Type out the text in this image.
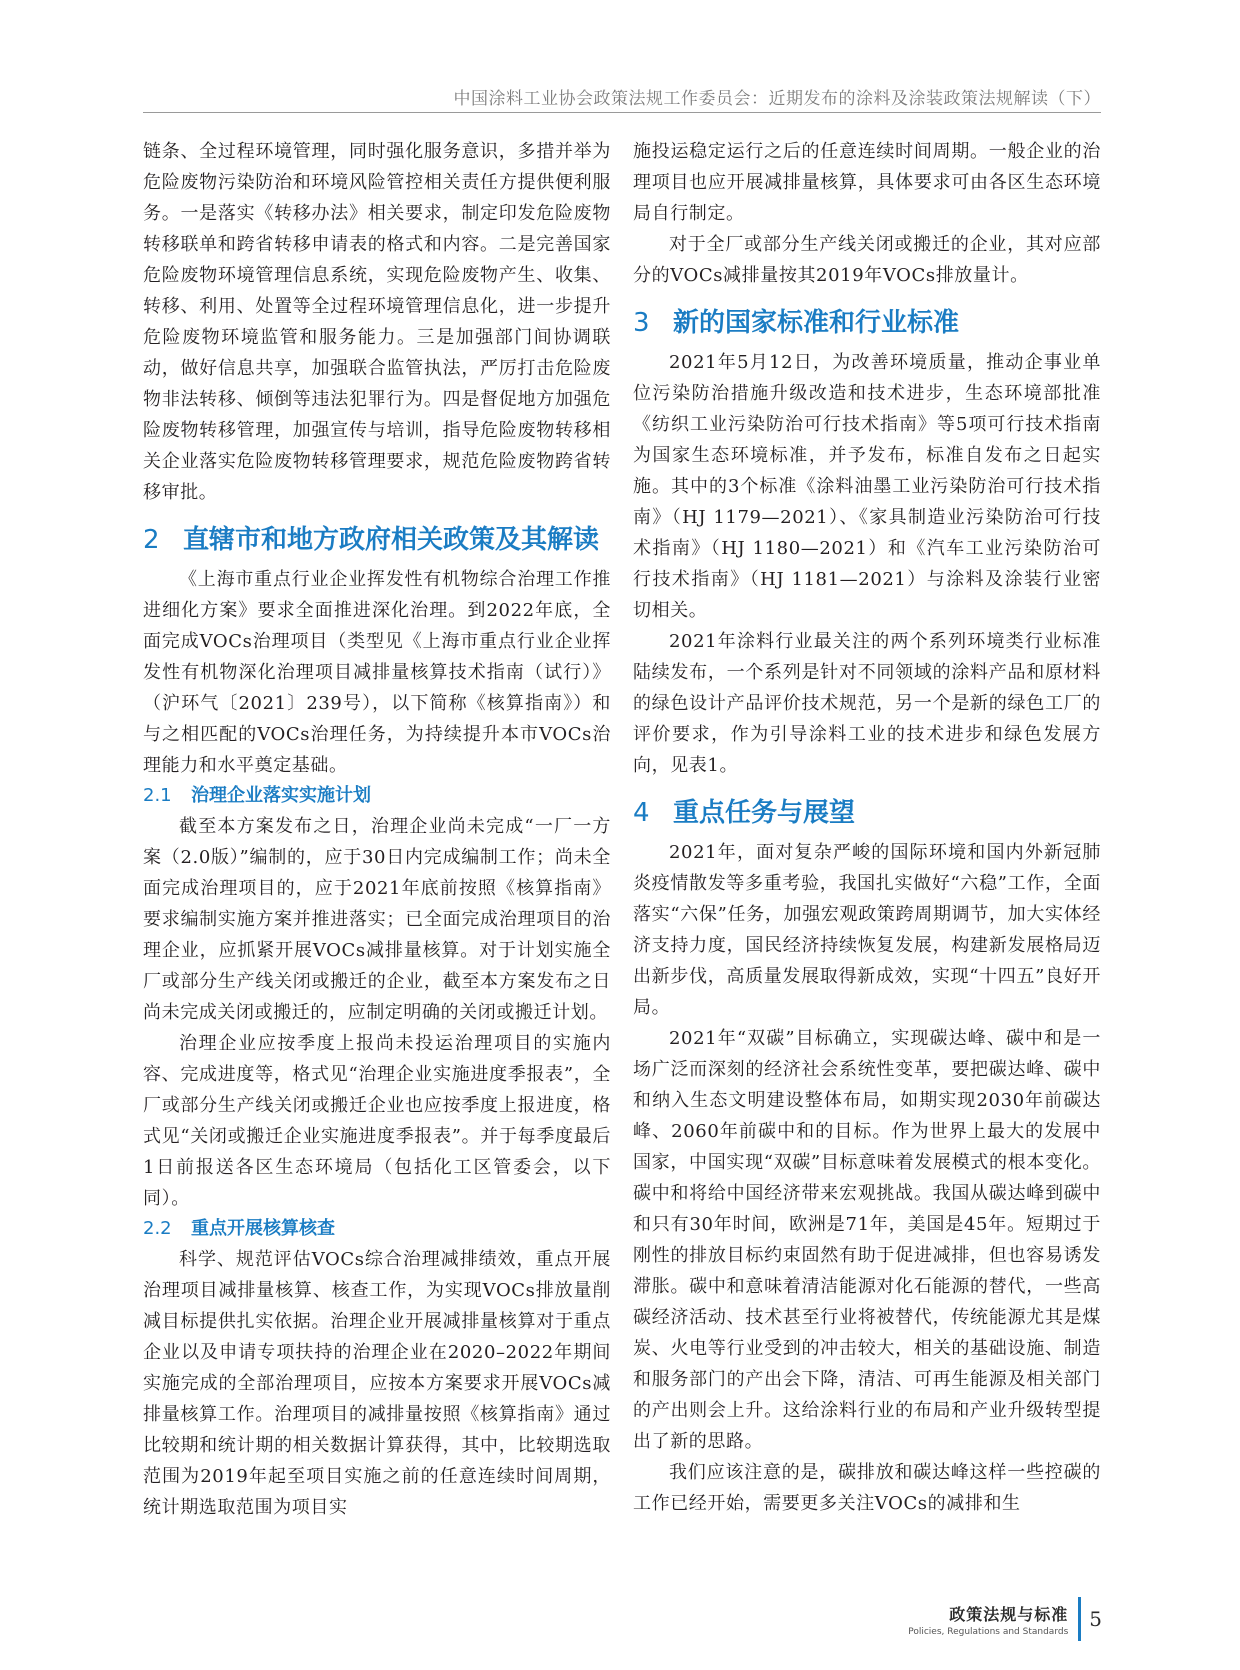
中国涂料工业协会政策法规工作委员会：近期发布的涂料及涂装政策法规解读（下）

链条、全过程环境管理，同时强化服务意识，多措并举为危险废物污染防治和环境风险管控相关责任方提供便利服务。一是落实《转移办法》相关要求，制定印发危险废物转移联单和跨省转移申请表的格式和内容。二是完善国家危险废物环境管理信息系统，实现危险废物产生、收集、转移、利用、处置等全过程环境管理信息化，进一步提升危险废物环境监管和服务能力。三是加强部门间协调联动，做好信息共享，加强联合监管执法，严厉打击危险废物非法转移、倾倒等违法犯罪行为。四是督促地方加强危险废物转移管理，加强宣传与培训，指导危险废物转移相关企业落实危险废物转移管理要求，规范危险废物跨省转移审批。

2 直辖市和地方政府相关政策及其解读

《上海市重点行业企业挥发性有机物综合治理工作推进细化方案》要求全面推进深化治理。到2022年底，全面完成VOCs治理项目（类型见《上海市重点行业企业挥发性有机物深化治理项目减排量核算技术指南（试行）》（沪环气〔2021〕239号），以下简称《核算指南》）和与之相匹配的VOCs治理任务，为持续提升本市VOCs治理能力和水平奠定基础。

2.1 治理企业落实实施计划

截至本方案发布之日，治理企业尚未完成“一厂一方案（2.0版）”编制的，应于30日内完成编制工作；尚未全面完成治理项目的，应于2021年底前按照《核算指南》要求编制实施方案并推进落实；已全面完成治理项目的治理企业，应抓紧开展VOCs减排量核算。对于计划实施全厂或部分生产线关闭或搬迁的企业，截至本方案发布之日尚未完成关闭或搬迁的，应制定明确的关闭或搬迁计划。

治理企业应按季度上报尚未投运治理项目的实施内容、完成进度等，格式见“治理企业实施进度季报表”，全厂或部分生产线关闭或搬迁企业也应按季度上报进度，格式见“关闭或搬迁企业实施进度季报表”。并于每季度最后1日前报送各区生态环境局（包括化工区管委会，以下同）。

2.2 重点开展核算核查

科学、规范评估VOCs综合治理减排绩效，重点开展治理项目减排量核算、核查工作，为实现VOCs排放量削减目标提供扎实依据。治理企业开展减排量核算对于重点企业以及申请专项扶持的治理企业在2020–2022年期间实施完成的全部治理项目，应按本方案要求开展VOCs减排量核算工作。治理项目的减排量按照《核算指南》通过比较期和统计期的相关数据计算获得，其中，比较期选取范围为2019年起至项目实施之前的任意连续时间周期，统计期选取范围为项目实

施投运稳定运行之后的任意连续时间周期。一般企业的治理项目也应开展减排量核算，具体要求可由各区生态环境局自行制定。

对于全厂或部分生产线关闭或搬迁的企业，其对应部分的VOCs减排量按其2019年VOCs排放量计。

3 新的国家标准和行业标准

2021年5月12日，为改善环境质量，推动企事业单位污染防治措施升级改造和技术进步，生态环境部批准《纺织工业污染防治可行技术指南》等5项可行技术指南为国家生态环境标准，并予发布，标准自发布之日起实施。其中的3个标准《涂料油墨工业污染防治可行技术指南》（HJ 1179—2021）、《家具制造业污染防治可行技术指南》（HJ 1180—2021）和《汽车工业污染防治可行技术指南》（HJ 1181—2021）与涂料及涂装行业密切相关。

2021年涂料行业最关注的两个系列环境类行业标准陆续发布，一个系列是针对不同领域的涂料产品和原材料的绿色设计产品评价技术规范，另一个是新的绿色工厂的评价要求，作为引导涂料工业的技术进步和绿色发展方向，见表1。

4 重点任务与展望

2021年，面对复杂严峻的国际环境和国内外新冠肺炎疫情散发等多重考验，我国扎实做好“六稳”工作，全面落实“六保”任务，加强宏观政策跨周期调节，加大实体经济支持力度，国民经济持续恢复发展，构建新发展格局迈出新步伐，高质量发展取得新成效，实现“十四五”良好开局。

2021年“双碳”目标确立，实现碳达峰、碳中和是一场广泛而深刻的经济社会系统性变革，要把碳达峰、碳中和纳入生态文明建设整体布局，如期实现2030年前碳达峰、2060年前碳中和的目标。作为世界上最大的发展中国家，中国实现“双碳”目标意味着发展模式的根本变化。碳中和将给中国经济带来宏观挑战。我国从碳达峰到碳中和只有30年时间，欧洲是71年，美国是45年。短期过于刚性的排放目标约束固然有助于促进减排，但也容易诱发滞胀。碳中和意味着清洁能源对化石能源的替代，一些高碳经济活动、技术甚至行业将被替代，传统能源尤其是煤炭、火电等行业受到的冲击较大，相关的基础设施、制造和服务部门的产出会下降，清洁、可再生能源及相关部门的产出则会上升。这给涂料行业的布局和产业升级转型提出了新的思路。

我们应该注意的是，碳排放和碳达峰这样一些控碳的工作已经开始，需要更多关注VOCs的减排和生

政策法规与标准
Policies, Regulations and Standards
5
